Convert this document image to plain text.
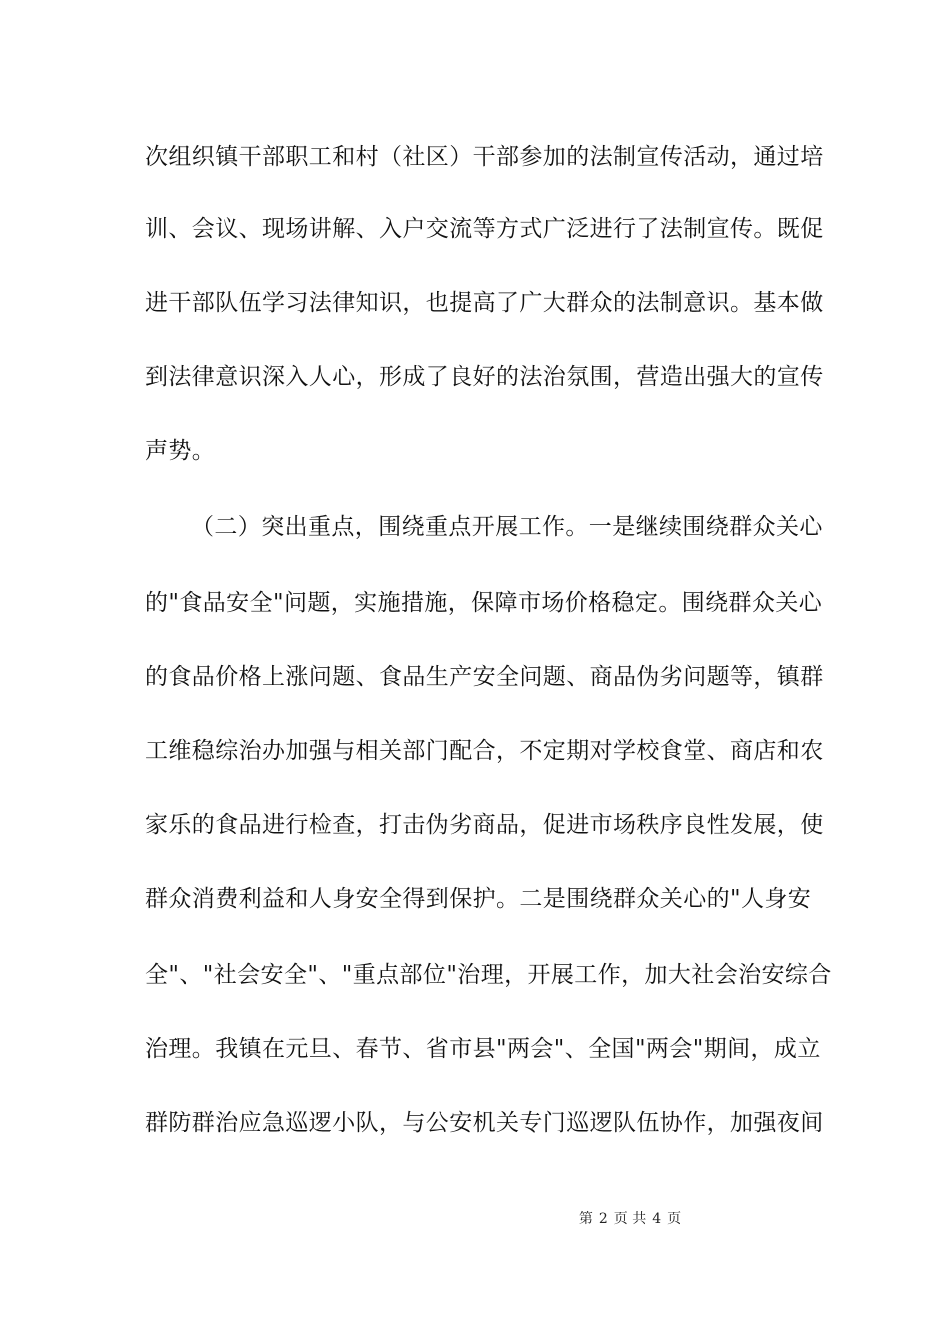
次组织镇干部职工和村（社区）干部参加的法制宣传活动，通过培
训、会议、现场讲解、入户交流等方式广泛进行了法制宣传。既促
进干部队伍学习法律知识，也提高了广大群众的法制意识。基本做
到法律意识深入人心，形成了良好的法治氛围，营造出强大的宣传
声势。
（二）突出重点，围绕重点开展工作。一是继续围绕群众关心
的"食品安全"问题，实施措施，保障市场价格稳定。围绕群众关心
的食品价格上涨问题、食品生产安全问题、商品伪劣问题等，镇群
工维稳综治办加强与相关部门配合，不定期对学校食堂、商店和农
家乐的食品进行检查，打击伪劣商品，促进市场秩序良性发展，使
群众消费利益和人身安全得到保护。二是围绕群众关心的"人身安
全"、"社会安全"、"重点部位"治理，开展工作，加大社会治安综合
治理。我镇在元旦、春节、省市县"两会"、全国"两会"期间，成立
群防群治应急巡逻小队，与公安机关专门巡逻队伍协作，加强夜间
第 2 页 共 4 页
